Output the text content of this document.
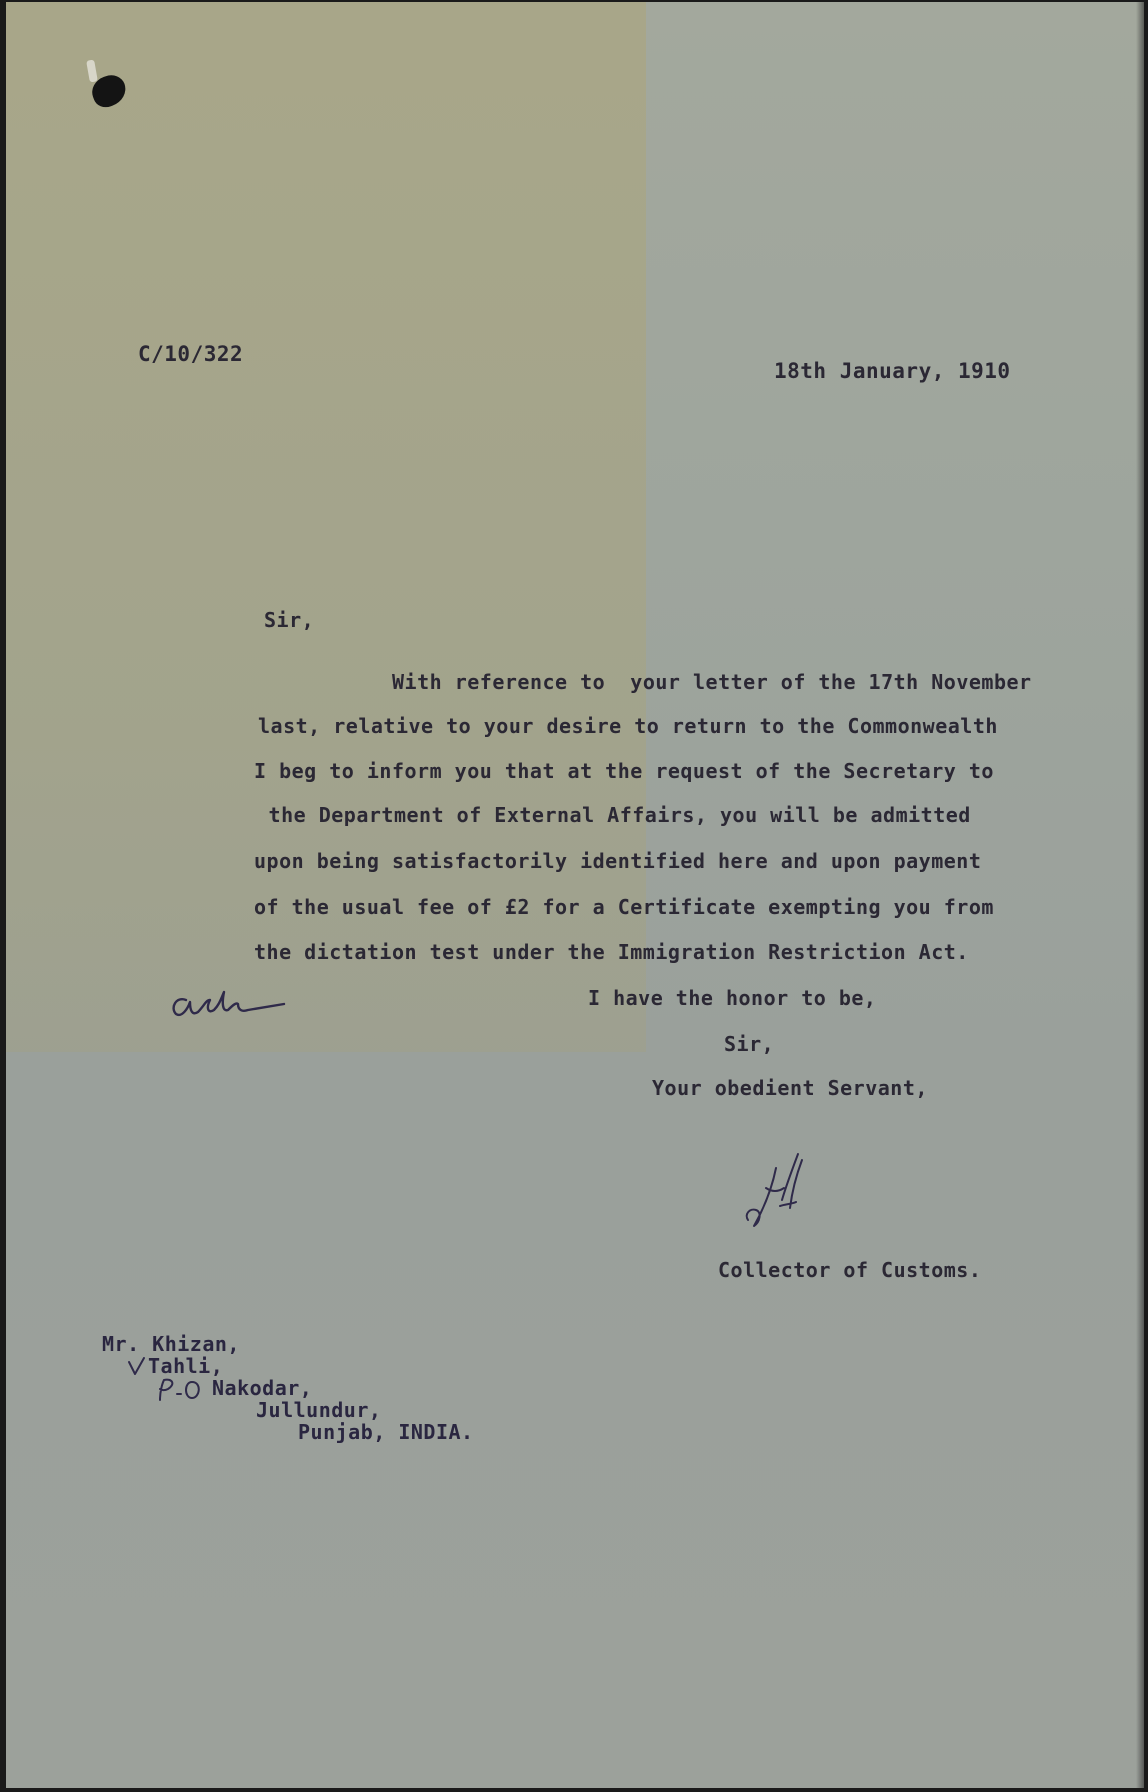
C/10/322
18th January, 1910
Sir,
With reference to  your letter of the 17th November
last, relative to your desire to return to the Commonwealth
I beg to inform you that at the request of the Secretary to
the Department of External Affairs, you will be admitted
upon being satisfactorily identified here and upon payment
of the usual fee of £2 for a Certificate exempting you from
the dictation test under the Immigration Restriction Act.
I have the honor to be,
Sir,
Your obedient Servant,
Collector of Customs.
Mr. Khizan,
Tahli,
Nakodar,
Jullundur,
Punjab, INDIA.
